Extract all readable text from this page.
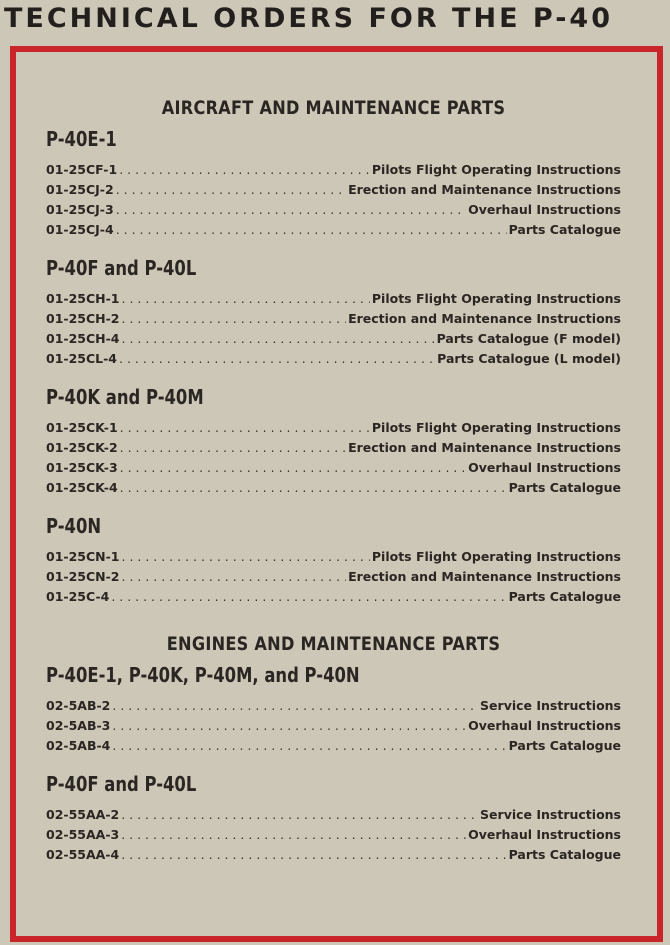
TECHNICAL ORDERS FOR THE P-40
AIRCRAFT AND MAINTENANCE PARTS
P-40E-1
01-25CF-1 . . .	Pilots Flight Operating Instructions
01-25CJ-2 . . .	Erection and Maintenance Instructions
01-25CJ-3 . . .	Overhaul Instructions
01-25CJ-4 . . .	Parts Catalogue
P-40F and P-40L
01-25CH-1 . . .	Pilots Flight Operating Instructions
01-25CH-2 . . .	Erection and Maintenance Instructions
01-25CH-4 . . .	Parts Catalogue (F model)
01-25CL-4 . . .	Parts Catalogue (L model)
P-40K and P-40M
01-25CK-1 . . .	Pilots Flight Operating Instructions
01-25CK-2 . . .	Erection and Maintenance Instructions
01-25CK-3 . . .	Overhaul Instructions
01-25CK-4 . . .	Parts Catalogue
P-40N
01-25CN-1 . . .	Pilots Flight Operating Instructions
01-25CN-2 . . .	Erection and Maintenance Instructions
01-25C-4 . . .	Parts Catalogue
ENGINES AND MAINTENANCE PARTS
P-40E-1, P-40K, P-40M, and P-40N
02-5AB-2 . . .	Service Instructions
02-5AB-3 . . .	Overhaul Instructions
02-5AB-4 . . .	Parts Catalogue
P-40F and P-40L
02-55AA-2 . . .	Service Instructions
02-55AA-3 . . .	Overhaul Instructions
02-55AA-4 . . .	Parts Catalogue
